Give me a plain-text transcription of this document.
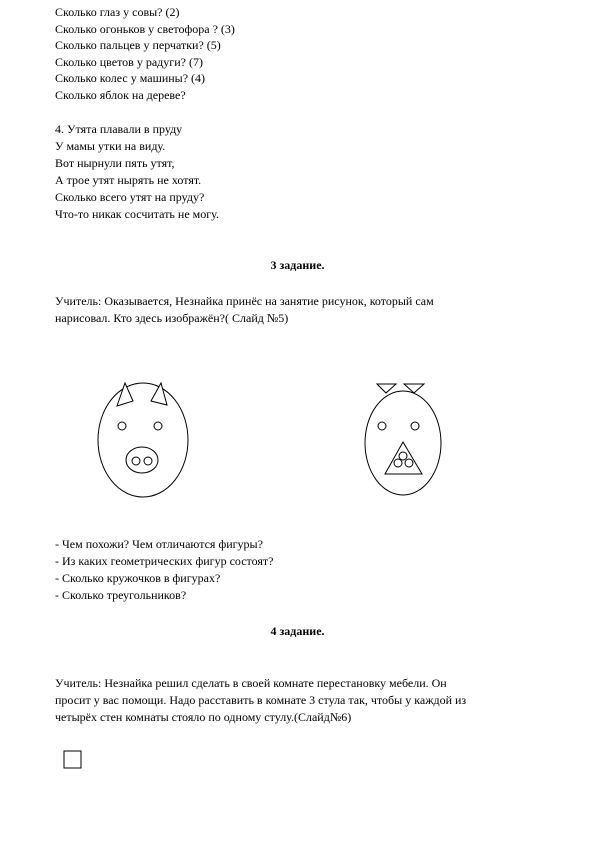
Сколько глаз у совы? (2)
Сколько огоньков у светофора ? (3)
Сколько пальцев у перчатки? (5)
Сколько цветов у радуги? (7)
Сколько колес у машины? (4)
Сколько яблок на дереве?
4. Утята плавали в пруду
У мамы утки на виду.
Вот нырнули пять утят,
А трое утят нырять не хотят.
Сколько всего утят на пруду?
Что-то никак сосчитать не могу.
3 задание.
Учитель: Оказывается, Незнайка принёс на занятие рисунок, который сам
нарисовал. Кто здесь изображён?( Слайд №5)
- Чем похожи? Чем отличаются фигуры?
- Из каких геометрических фигур состоят?
- Сколько кружочков в фигурах?
- Сколько треугольников?
4 задание.
Учитель: Незнайка решил сделать в своей комнате перестановку мебели. Он
просит у вас помощи. Надо расставить в комнате 3 стула так, чтобы у каждой из
четырёх стен комнаты стояло по одному стулу.(Слайд№6)
